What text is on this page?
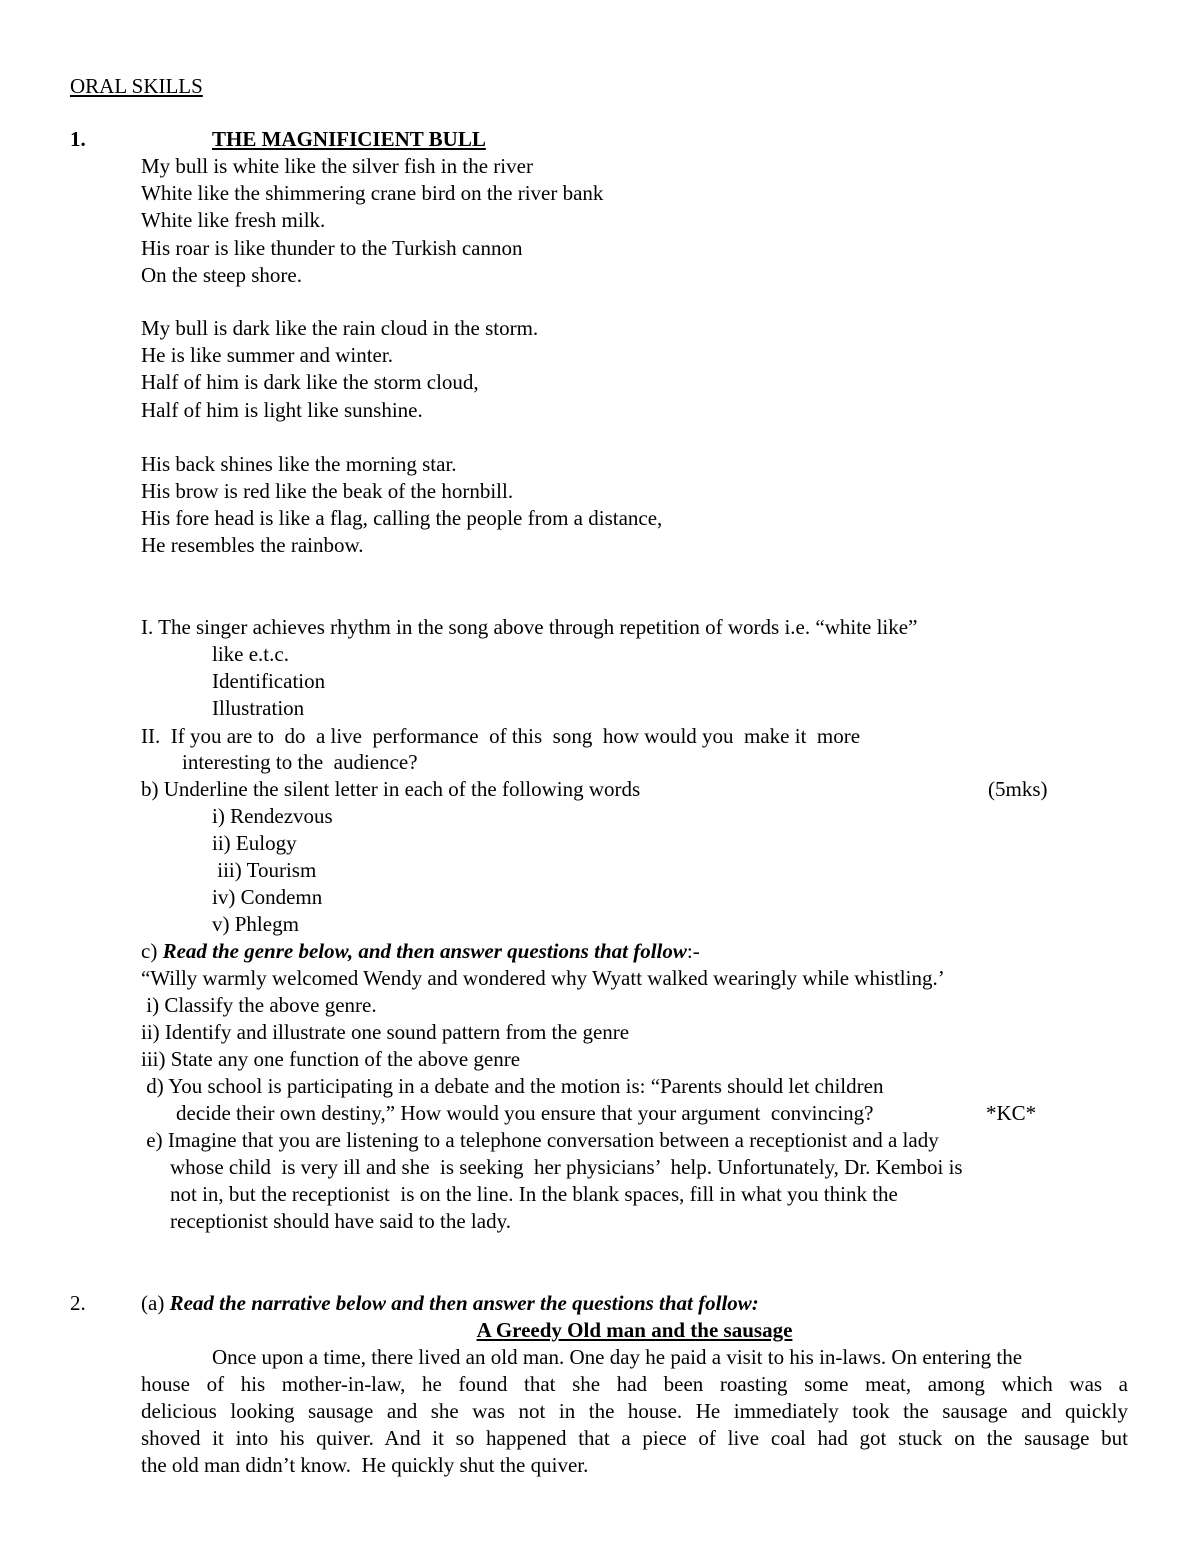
ORAL SKILLS
1.	THE MAGNIFICIENT BULL
My bull is white like the silver fish in the river
White like the shimmering crane bird on the river bank
White like fresh milk.
His roar is like thunder to the Turkish cannon
On the steep shore.
My bull is dark like the rain cloud in the storm.
He is like summer and winter.
Half of him is dark like the storm cloud,
Half of him is light like sunshine.
His back shines like the morning star.
His brow is red like the beak of the hornbill.
His fore head is like a flag, calling the people from a distance,
He resembles the rainbow.
I. The singer achieves rhythm in the song above through repetition of words i.e. “white like”
like e.t.c.
Identification
Illustration
II.  If you are to  do  a live  performance  of this  song  how would you  make it  more
interesting to the  audience?
b) Underline the silent letter in each of the following words	(5mks)
i) Rendezvous
ii) Eulogy
iii) Tourism
iv) Condemn
v) Phlegm
c) Read the genre below, and then answer questions that follow:-
“Willy warmly welcomed Wendy and wondered why Wyatt walked wearingly while whistling.’
i) Classify the above genre.
ii) Identify and illustrate one sound pattern from the genre
iii) State any one function of the above genre
d) You school is participating in a debate and the motion is: “Parents should let children
decide their own destiny,” How would you ensure that your argument  convincing?	*KC*
e) Imagine that you are listening to a telephone conversation between a receptionist and a lady
whose child  is very ill and she  is seeking  her physicians’  help. Unfortunately, Dr. Kemboi is
not in, but the receptionist  is on the line. In the blank spaces, fill in what you think the
receptionist should have said to the lady.
2.	(a) Read the narrative below and then answer the questions that follow:
A Greedy Old man and the sausage
Once upon a time, there lived an old man. One day he paid a visit to his in-laws. On entering the
house of his mother-in-law, he found that she had been roasting some meat, among which was a
delicious looking sausage and she was not in the house. He immediately took the sausage and quickly
shoved it into his quiver. And it so happened that a piece of live coal had got stuck on the sausage but
the old man didn’t know.  He quickly shut the quiver.
